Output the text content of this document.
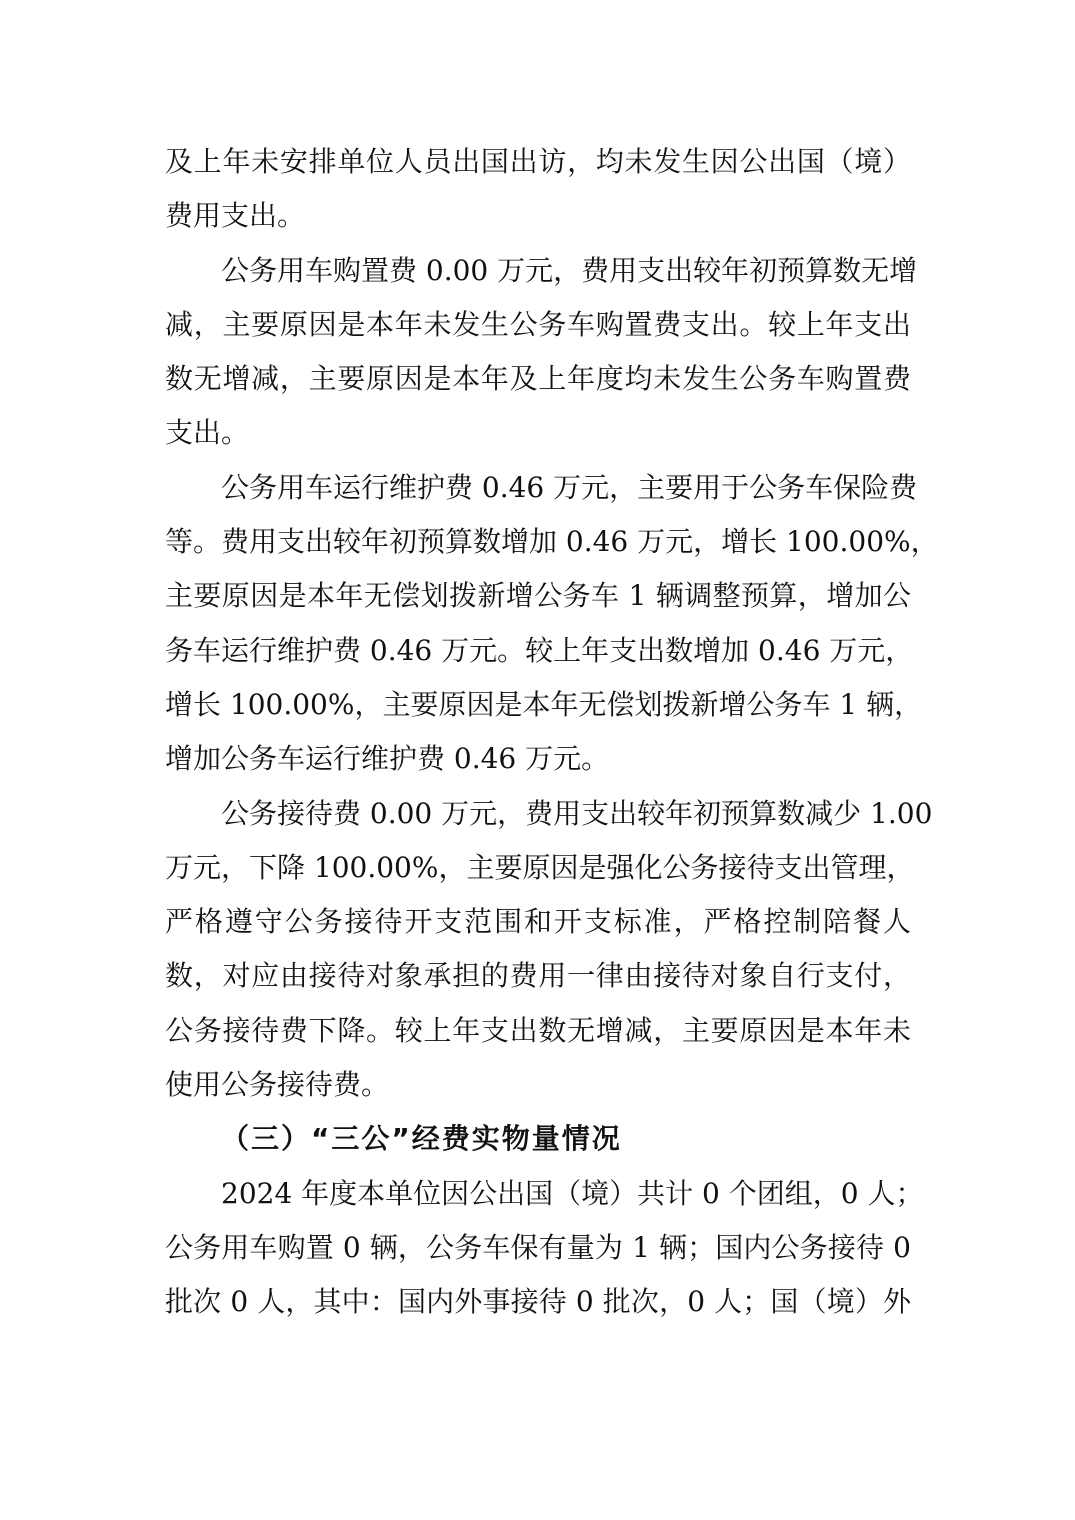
及上年未安排单位人员出国出访，均未发生因公出国（境）
费用支出。
公务用车购置费 0.00 万元，费用支出较年初预算数无增
减，主要原因是本年未发生公务车购置费支出。较上年支出
数无增减，主要原因是本年及上年度均未发生公务车购置费
支出。
公务用车运行维护费 0.46 万元，主要用于公务车保险费
等。费用支出较年初预算数增加 0.46 万元，增长 100.00%，
主要原因是本年无偿划拨新增公务车 1 辆调整预算，增加公
务车运行维护费 0.46 万元。较上年支出数增加 0.46 万元，
增长 100.00%，主要原因是本年无偿划拨新增公务车 1 辆，
增加公务车运行维护费 0.46 万元。
公务接待费 0.00 万元，费用支出较年初预算数减少 1.00
万元，下降 100.00%，主要原因是强化公务接待支出管理，
严格遵守公务接待开支范围和开支标准，严格控制陪餐人
数，对应由接待对象承担的费用一律由接待对象自行支付，
公务接待费下降。较上年支出数无增减，主要原因是本年未
使用公务接待费。
（三）“三公”经费实物量情况
2024 年度本单位因公出国（境）共计 0 个团组，0 人；
公务用车购置 0 辆，公务车保有量为 1 辆；国内公务接待 0
批次 0 人，其中：国内外事接待 0 批次，0 人；国（境）外
